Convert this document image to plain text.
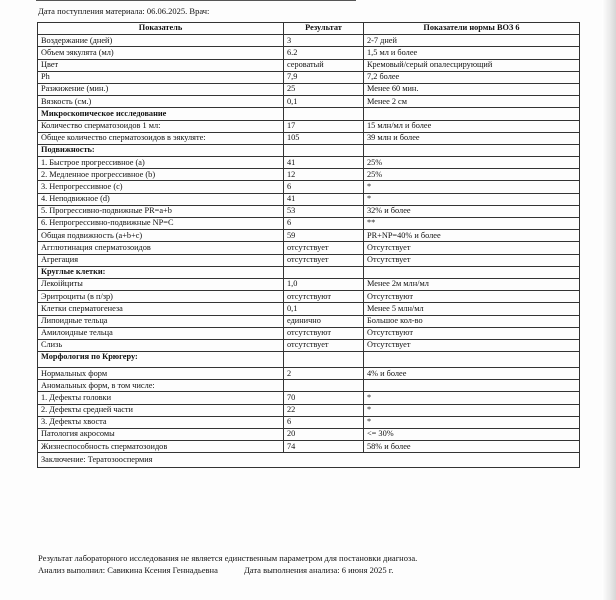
Дата поступления материала: 06.06.2025. Врач:
Показатель	Результат	Показатели нормы ВОЗ 6
Воздержание (дней)	3	2-7 дней
Объем эякулята (мл)	6.2	1,5 мл и более
Цвет	сероватый	Кремовый/серый опалесцирующий
Ph	7,9	7,2 более
Разжижение (мин.)	25	Менее 60 мин.
Вязкость (см.)	0,1	Менее 2 см
Микроскопическое исследование		
Количество сперматозоидов 1 мл:	17	15 млн/мл и более
Общее количество сперматозоидов в эякуляте:	105	39 млн и более
Подвижность:		
1. Быстрое прогрессивное (a)	41	25%
2. Медленное прогрессивное (b)	12	25%
3. Непрогрессивное (c)	6	*
4. Неподвижное (d)	41	*
5. Прогрессивно-подвижные PR=a+b	53	32% и более
6. Непрогрессивно-подвижные NP=C	6	**
Общая подвижность (a+b+c)	59	PR+NP=40% и более
Агглютинация сперматозоидов	отсутствует	Отсутствует
Агрегация	отсутствует	Отсутствует
Круглые клетки:		
Лекоійциты	1,0	Менее 2м млн/мл
Эритроциты (в п/зр)	отсутствуют	Отсутствуют
Клетки сперматогенеза	0,1	Менее 5 млн/мл
Липоидные тельца	единично	Большое кол-во
Амилоидные тельца	отсутствуют	Отсутствуют
Слизь	отсутствует	Отсутствует
Морфология по Крюгеру:		
Нормальных форм	2	4% и более
Аномальных форм, в том числе:		
1. Дефекты головки	70	*
2. Дефекты средней части	22	*
3. Дефекты хвоста	6	*
Патология акросомы	20	<= 30%
Жизнеспособность сперматозоидов	74	58% и более
Заключение: Тератозооспермия		
Результат лабораторного исследования не является единственным параметром для постановки диагноза.
Анализ выполнил: Савикина Ксения Геннадьевна	Дата выполнения анализа: 6 июня 2025 г.
